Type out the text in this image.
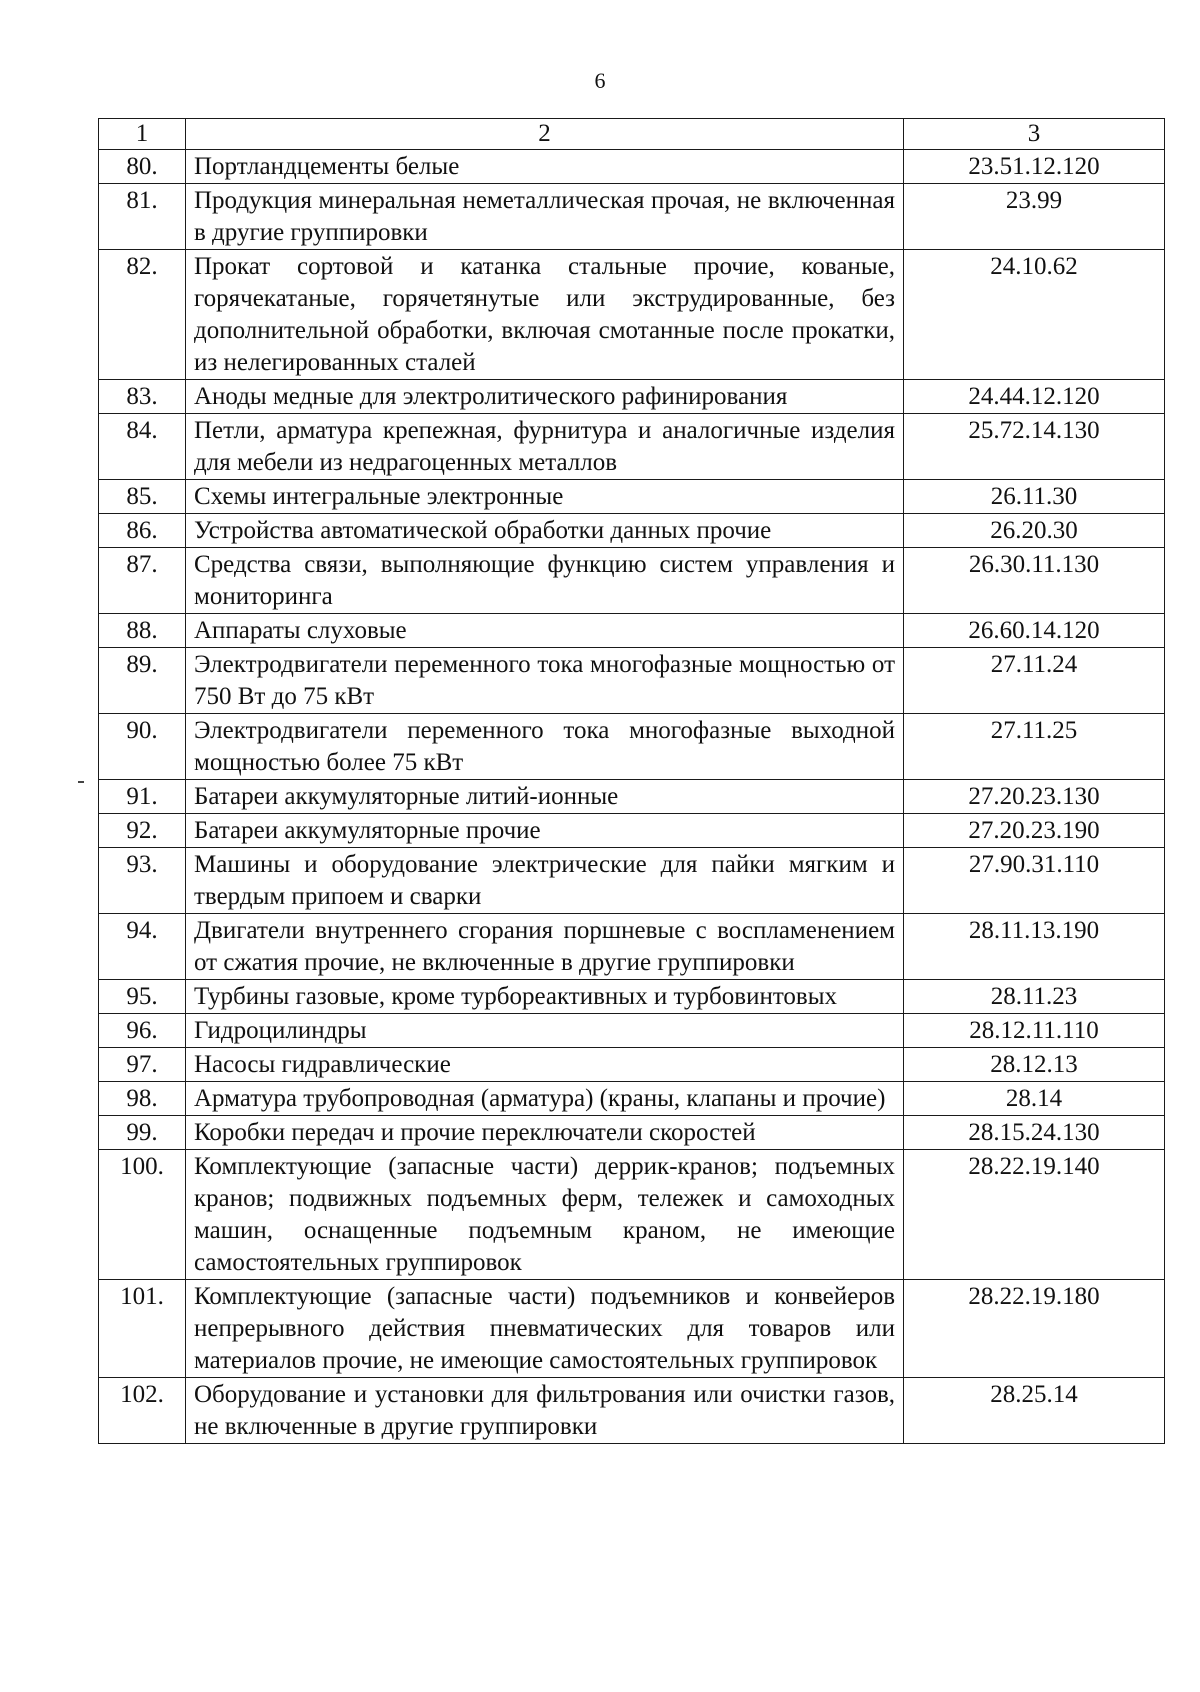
6
1	2	3
80.	Портландцементы белые	23.51.12.120
81.	Продукция минеральная неметаллическая прочая, не включенная в другие группировки	23.99
82.	Прокат сортовой и катанка стальные прочие, кованые, горячекатаные, горячетянутые или экструдированные, без дополнительной обработки, включая смотанные после прокатки, из нелегированных сталей	24.10.62
83.	Аноды медные для электролитического рафинирования	24.44.12.120
84.	Петли, арматура крепежная, фурнитура и аналогичные изделия для мебели из недрагоценных металлов	25.72.14.130
85.	Схемы интегральные электронные	26.11.30
86.	Устройства автоматической обработки данных прочие	26.20.30
87.	Средства связи, выполняющие функцию систем управления и мониторинга	26.30.11.130
88.	Аппараты слуховые	26.60.14.120
89.	Электродвигатели переменного тока многофазные мощностью от 750 Вт до 75 кВт	27.11.24
90.	Электродвигатели переменного тока многофазные выходной мощностью более 75 кВт	27.11.25
91.	Батареи аккумуляторные литий-ионные	27.20.23.130
92.	Батареи аккумуляторные прочие	27.20.23.190
93.	Машины и оборудование электрические для пайки мягким и твердым припоем и сварки	27.90.31.110
94.	Двигатели внутреннего сгорания поршневые с воспламенением от сжатия прочие, не включенные в другие группировки	28.11.13.190
95.	Турбины газовые, кроме турбореактивных и турбовинтовых	28.11.23
96.	Гидроцилиндры	28.12.11.110
97.	Насосы гидравлические	28.12.13
98.	Арматура трубопроводная (арматура) (краны, клапаны и прочие)	28.14
99.	Коробки передач и прочие переключатели скоростей	28.15.24.130
100.	Комплектующие (запасные части) деррик-кранов; подъемных кранов; подвижных подъемных ферм, тележек и самоходных машин, оснащенные подъемным краном, не имеющие самостоятельных группировок	28.22.19.140
101.	Комплектующие (запасные части) подъемников и конвейеров непрерывного действия пневматических для товаров или материалов прочие, не имеющие самостоятельных группировок	28.22.19.180
102.	Оборудование и установки для фильтрования или очистки газов, не включенные в другие группировки	28.25.14
